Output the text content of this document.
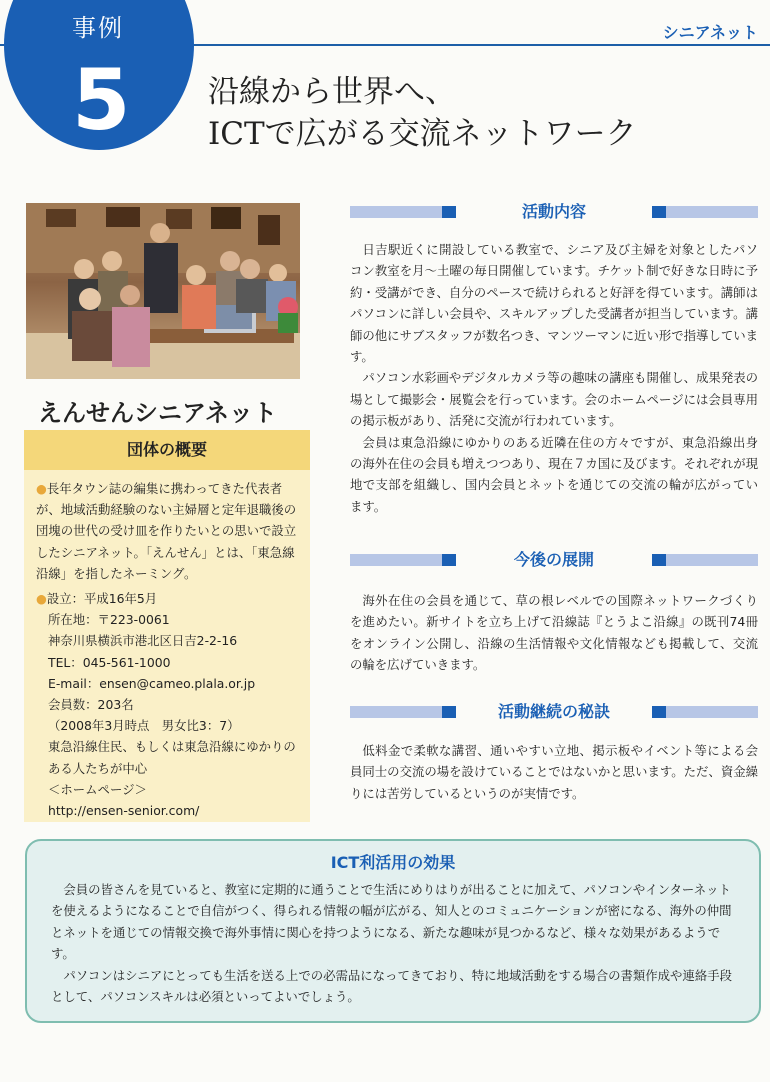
事例
5
シニアネット
沿線から世界へ、
ICTで広がる交流ネットワーク
えんせんシニアネット
団体の概要

●長年タウン誌の編集に携わってきた代表者が、地域活動経験のない主婦層と定年退職後の団塊の世代の受け皿を作りたいとの思いで設立したシニアネット。「えんせん」とは、「東急線沿線」を指したネーミング。

●設立：平成16年5月

所在地：〒223-0061

神奈川県横浜市港北区日吉2-2-16

TEL：045-561-1000

E-mail：ensen@cameo.plala.or.jp

会員数：203名

（2008年3月時点　男女比3：7）

東急沿線住民、もしくは東急沿線にゆかりのある人たちが中心

＜ホームページ＞

http://ensen-senior.com/

活動内容

日吉駅近くに開設している教室で、シニア及び主婦を対象としたパソコン教室を月～土曜の毎日開催しています。チケット制で好きな日時に予約・受講ができ、自分のペースで続けられると好評を得ています。講師はパソコンに詳しい会員や、スキルアップした受講者が担当しています。講師の他にサブスタッフが数名つき、マンツーマンに近い形で指導しています。

パソコン水彩画やデジタルカメラ等の趣味の講座も開催し、成果発表の場として撮影会・展覧会を行っています。会のホームページには会員専用の掲示板があり、活発に交流が行われています。

会員は東急沿線にゆかりのある近隣在住の方々ですが、東急沿線出身の海外在住の会員も増えつつあり、現在７カ国に及びます。それぞれが現地で支部を組織し、国内会員とネットを通じての交流の輪が広がっています。

今後の展開

海外在住の会員を通じて、草の根レベルでの国際ネットワークづくりを進めたい。新サイトを立ち上げて沿線誌『とうよこ沿線』の既刊74冊をオンライン公開し、沿線の生活情報や文化情報なども掲載して、交流の輪を広げていきます。

活動継続の秘訣

低料金で柔軟な講習、通いやすい立地、掲示板やイベント等による会員同士の交流の場を設けていることではないかと思います。ただ、資金繰りには苦労しているというのが実情です。

ICT利活用の効果

会員の皆さんを見ていると、教室に定期的に通うことで生活にめりはりが出ることに加えて、パソコンやインターネットを使えるようになることで自信がつく、得られる情報の幅が広がる、知人とのコミュニケーションが密になる、海外の仲間とネットを通じての情報交換で海外事情に関心を持つようになる、新たな趣味が見つかるなど、様々な効果があるようです。

パソコンはシニアにとっても生活を送る上での必需品になってきており、特に地域活動をする場合の書類作成や連絡手段として、パソコンスキルは必須といってよいでしょう。
